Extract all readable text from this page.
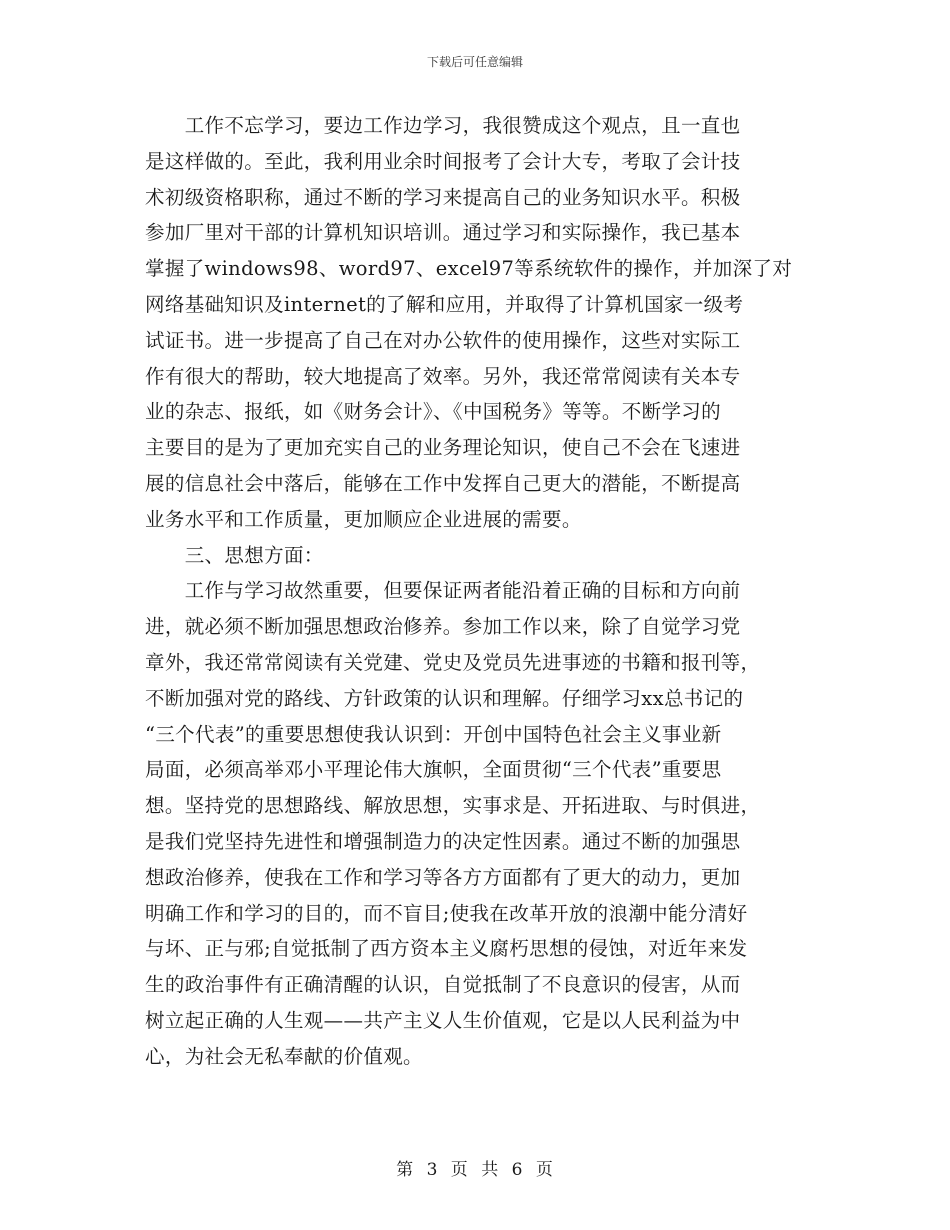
下载后可任意编辑
　　工作不忘学习，要边工作边学习，我很赞成这个观点，且一直也
是这样做的。至此，我利用业余时间报考了会计大专，考取了会计技
术初级资格职称，通过不断的学习来提高自己的业务知识水平。积极
参加厂里对干部的计算机知识培训。通过学习和实际操作，我已基本
掌握了windows98、word97、excel97等系统软件的操作，并加深了对
网络基础知识及internet的了解和应用，并取得了计算机国家一级考
试证书。进一步提高了自己在对办公软件的使用操作，这些对实际工
作有很大的帮助，较大地提高了效率。另外，我还常常阅读有关本专
业的杂志、报纸，如《财务会计》、《中国税务》等等。不断学习的
主要目的是为了更加充实自己的业务理论知识，使自己不会在飞速进
展的信息社会中落后，能够在工作中发挥自己更大的潜能，不断提高
业务水平和工作质量，更加顺应企业进展的需要。
　　三、思想方面：
　　工作与学习故然重要，但要保证两者能沿着正确的目标和方向前
进，就必须不断加强思想政治修养。参加工作以来，除了自觉学习党
章外，我还常常阅读有关党建、党史及党员先进事迹的书籍和报刊等，
不断加强对党的路线、方针政策的认识和理解。仔细学习xx总书记的
“三个代表”的重要思想使我认识到：开创中国特色社会主义事业新
局面，必须高举邓小平理论伟大旗帜，全面贯彻“三个代表”重要思
想。坚持党的思想路线、解放思想，实事求是、开拓进取、与时俱进，
是我们党坚持先进性和增强制造力的决定性因素。通过不断的加强思
想政治修养，使我在工作和学习等各方方面都有了更大的动力，更加
明确工作和学习的目的，而不盲目;使我在改革开放的浪潮中能分清好
与坏、正与邪;自觉抵制了西方资本主义腐朽思想的侵蚀，对近年来发
生的政治事件有正确清醒的认识，自觉抵制了不良意识的侵害，从而
树立起正确的人生观——共产主义人生价值观，它是以人民利益为中
心，为社会无私奉献的价值观。
第 3 页 共 6 页
